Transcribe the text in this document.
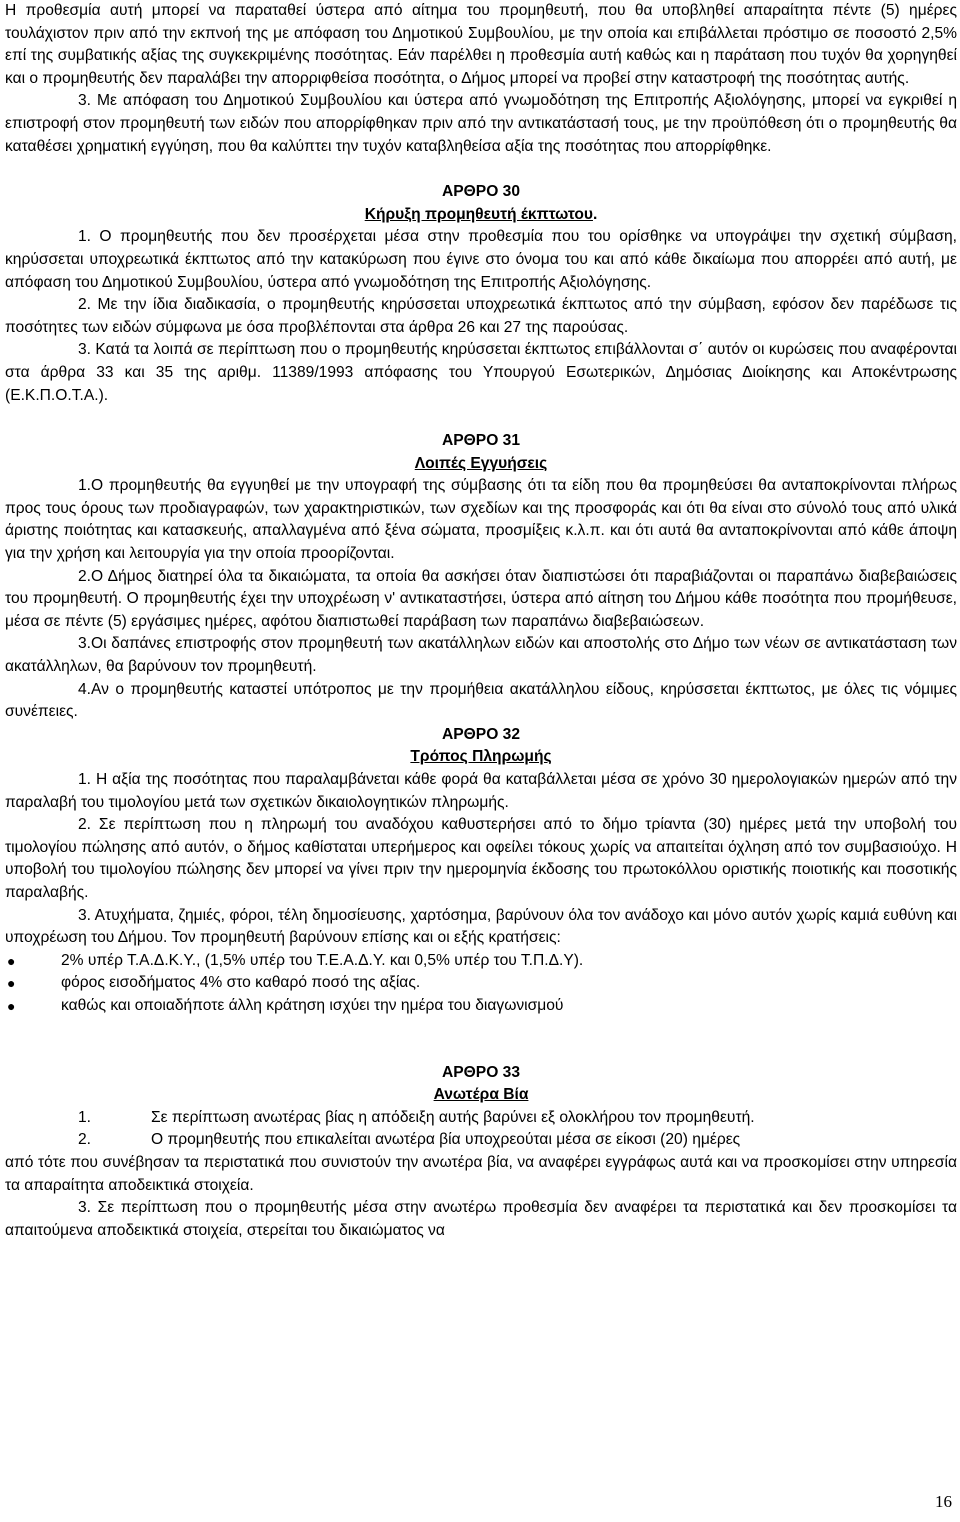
Η προθεσμία αυτή μπορεί να παραταθεί ύστερα από αίτημα του προμηθευτή, που θα υποβληθεί απαραίτητα πέντε (5) ημέρες τουλάχιστον πριν από την εκπνοή της με απόφαση του Δημοτικού Συμβουλίου, με την οποία και επιβάλλεται πρόστιμο σε ποσοστό 2,5% επί της συμβατικής αξίας της συγκεκριμένης ποσότητας. Εάν παρέλθει η προθεσμία αυτή καθώς και η παράταση που τυχόν θα χορηγηθεί και ο προμηθευτής δεν παραλάβει την απορριφθείσα ποσότητα, ο Δήμος μπορεί να προβεί στην καταστροφή της ποσότητας αυτής.

3. Με απόφαση του Δημοτικού Συμβουλίου και ύστερα από γνωμοδότηση της Επιτροπής Αξιολόγησης, μπορεί να εγκριθεί η επιστροφή στον προμηθευτή των ειδών που απορρίφθηκαν πριν από την αντικατάστασή τους, με την προϋπόθεση ότι ο προμηθευτής θα καταθέσει χρηματική εγγύηση, που θα καλύπτει την τυχόν καταβληθείσα αξία της ποσότητας που απορρίφθηκε.

ΑΡΘΡΟ 30
Κήρυξη προμηθευτή έκπτωτου.

1. Ο προμηθευτής που δεν προσέρχεται μέσα στην προθεσμία που του ορίσθηκε να υπογράψει την σχετική σύμβαση, κηρύσσεται υποχρεωτικά έκπτωτος από την κατακύρωση που έγινε στο όνομα του και από κάθε δικαίωμα που απορρέει από αυτή, με απόφαση του Δημοτικού Συμβουλίου, ύστερα από γνωμοδότηση της Επιτροπής Αξιολόγησης.

2. Με την ίδια διαδικασία, ο προμηθευτής κηρύσσεται υποχρεωτικά έκπτωτος από την σύμβαση, εφόσον δεν παρέδωσε τις ποσότητες των ειδών σύμφωνα με όσα προβλέπονται στα άρθρα 26 και 27 της παρούσας.

3. Κατά τα λοιπά σε περίπτωση που ο προμηθευτής κηρύσσεται έκπτωτος επιβάλλονται σ΄ αυτόν οι κυρώσεις που αναφέρονται στα άρθρα 33 και 35 της αριθμ. 11389/1993 απόφασης του Υπουργού Εσωτερικών, Δημόσιας Διοίκησης και Αποκέντρωσης (Ε.Κ.Π.Ο.Τ.Α.).

ΑΡΘΡΟ 31
Λοιπές Εγγυήσεις

1.Ο προμηθευτής θα εγγυηθεί με την υπογραφή της σύμβασης ότι τα είδη που θα προμηθεύσει θα ανταποκρίνονται πλήρως προς τους όρους των προδιαγραφών, των χαρακτηριστικών, των σχεδίων και της προσφοράς και ότι θα είναι στο σύνολό τους από υλικά άριστης ποιότητας και κατασκευής, απαλλαγμένα από ξένα σώματα, προσμίξεις κ.λ.π. και ότι αυτά θα ανταποκρίνονται από κάθε άποψη για την χρήση και λειτουργία για την οποία προορίζονται.

2.Ο Δήμος διατηρεί όλα τα δικαιώματα, τα οποία θα ασκήσει όταν διαπιστώσει ότι παραβιάζονται οι παραπάνω διαβεβαιώσεις του προμηθευτή. Ο προμηθευτής έχει την υποχρέωση ν' αντικαταστήσει, ύστερα από αίτηση του Δήμου κάθε ποσότητα που προμήθευσε, μέσα σε πέντε (5) εργάσιμες ημέρες, αφότου διαπιστωθεί παράβαση των παραπάνω διαβεβαιώσεων.

3.Οι δαπάνες επιστροφής στον προμηθευτή των ακατάλληλων ειδών και αποστολής στο Δήμο των νέων σε αντικατάσταση των ακατάλληλων, θα βαρύνουν τον προμηθευτή.

4.Αν ο προμηθευτής καταστεί υπότροπος με την προμήθεια ακατάλληλου είδους, κηρύσσεται έκπτωτος, με όλες τις νόμιμες συνέπειες.

ΑΡΘΡΟ 32
Τρόπος Πληρωμής

1. Η αξία της ποσότητας που παραλαμβάνεται κάθε φορά θα καταβάλλεται μέσα σε χρόνο 30 ημερολογιακών ημερών από την παραλαβή του τιμολογίου μετά των σχετικών δικαιολογητικών πληρωμής.

2. Σε περίπτωση που η πληρωμή του αναδόχου καθυστερήσει από το δήμο τρίαντα (30) ημέρες μετά την υποβολή του τιμολογίου πώλησης από αυτόν, ο δήμος καθίσταται υπερήμερος και οφείλει τόκους χωρίς να απαιτείται όχληση από τον συμβασιούχο. Η υποβολή του τιμολογίου πώλησης δεν μπορεί να γίνει πριν την ημερομηνία έκδοσης του πρωτοκόλλου οριστικής ποιοτικής και ποσοτικής παραλαβής.

3. Ατυχήματα, ζημιές, φόροι, τέλη δημοσίευσης, χαρτόσημα, βαρύνουν όλα τον ανάδοχο και μόνο αυτόν χωρίς καμιά ευθύνη και υποχρέωση του Δήμου. Τον προμηθευτή βαρύνουν επίσης και οι εξής κρατήσεις:

●	2% υπέρ Τ.Α.Δ.Κ.Υ., (1,5% υπέρ του Τ.Ε.Α.Δ.Υ. και 0,5% υπέρ του Τ.Π.Δ.Υ).
●	φόρος εισοδήματος 4% στο καθαρό ποσό της αξίας.
●	καθώς και οποιαδήποτε άλλη κράτηση ισχύει την ημέρα του διαγωνισμού
ΑΡΘΡΟ 33
Ανωτέρα Βία
1.	Σε περίπτωση ανωτέρας βίας η απόδειξη αυτής βαρύνει εξ ολοκλήρου τον προμηθευτή.
2.	Ο προμηθευτής που επικαλείται ανωτέρα βία υποχρεούται μέσα σε είκοσι (20) ημέρες

από τότε που συνέβησαν τα περιστατικά που συνιστούν την ανωτέρα βία, να αναφέρει εγγράφως αυτά και να προσκομίσει στην υπηρεσία τα απαραίτητα αποδεικτικά στοιχεία.

3. Σε περίπτωση που ο προμηθευτής μέσα στην ανωτέρω προθεσμία δεν αναφέρει τα περιστατικά και δεν προσκομίσει τα απαιτούμενα αποδεικτικά στοιχεία, στερείται του δικαιώματος να

16
